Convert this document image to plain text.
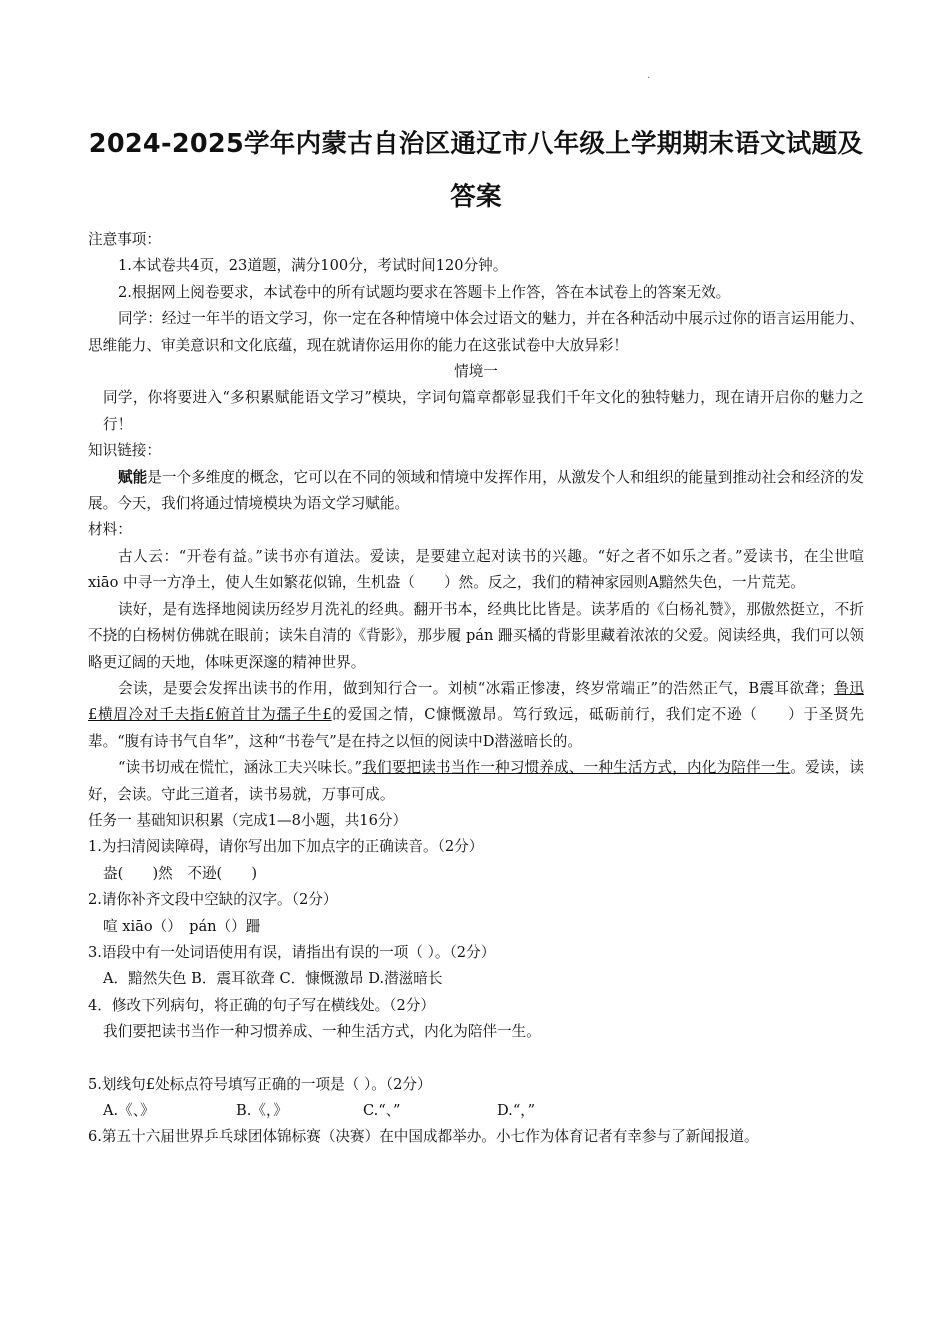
.
2024-2025学年内蒙古自治区通辽市八年级上学期期末语文试题及答案
注意事项：
1.本试卷共4页，23道题，满分100分，考试时间120分钟。
2.根据网上阅卷要求，本试卷中的所有试题均要求在答题卡上作答，答在本试卷上的答案无效。
同学：经过一年半的语文学习，你一定在各种情境中体会过语文的魅力，并在各种活动中展示过你的语言运用能力、思维能力、审美意识和文化底蕴，现在就请你运用你的能力在这张试卷中大放异彩！
情境一
同学，你将要进入“多积累赋能语文学习”模块，字词句篇章都彰显我们千年文化的独特魅力，现在请开启你的魅力之行！
知识链接：
赋能是一个多维度的概念，它可以在不同的领域和情境中发挥作用，从激发个人和组织的能量到推动社会和经济的发展。今天，我们将通过情境模块为语文学习赋能。
材料：
古人云：“开卷有益。”读书亦有道法。爱读，是要建立起对读书的兴趣。“好之者不如乐之者。”爱读书，在尘世喧 xiāo 中寻一方净土，使人生如繁花似锦，生机盎（　　）然。反之，我们的精神家园则A黯然失色，一片荒芜。
读好，是有选择地阅读历经岁月洗礼的经典。翻开书本，经典比比皆是。读茅盾的《白杨礼赞》，那傲然挺立，不折不挠的白杨树仿佛就在眼前；读朱自清的《背影》，那步履 pán 跚买橘的背影里藏着浓浓的父爱。阅读经典，我们可以领略更辽阔的天地，体味更深邃的精神世界。
会读，是要会发挥出读书的作用，做到知行合一。刘桢“冰霜正惨凄，终岁常端正”的浩然正气，B震耳欲聋；鲁迅£横眉冷对千夫指£俯首甘为孺子牛£的爱国之情，C慷慨激昂。笃行致远，砥砺前行，我们定不逊（　　）于圣贤先辈。“腹有诗书气自华”，这种“书卷气”是在持之以恒的阅读中D潜滋暗长的。
“读书切戒在慌忙，涵泳工夫兴味长。”我们要把读书当作一种习惯养成、一种生活方式，内化为陪伴一生。爱读，读好，会读。守此三道者，读书易就，万事可成。
任务一 基础知识积累（完成1—8小题，共16分）
1.为扫清阅读障碍，请你写出加下加点字的正确读音。（2分）
盎(　　)然　不逊(　　)
2.请你补齐文段中空缺的汉字。（2分）
喧 xiāo（）　pán（）跚
3.语段中有一处词语使用有误，请指出有误的一项（ ）。（2分）
A．黯然失色 B．震耳欲聋 C．慷慨激昂 D.潜滋暗长
4．修改下列病句，将正确的句子写在横线处。（2分）
我们要把读书当作一种习惯养成、一种生活方式，内化为陪伴一生。
5.划线句£处标点符号填写正确的一项是（ ）。（2分）
A.《、》	B.《，》	C.“、”	D.“，”
6.第五十六届世界乒乓球团体锦标赛（决赛）在中国成都举办。小七作为体育记者有幸参与了新闻报道。
